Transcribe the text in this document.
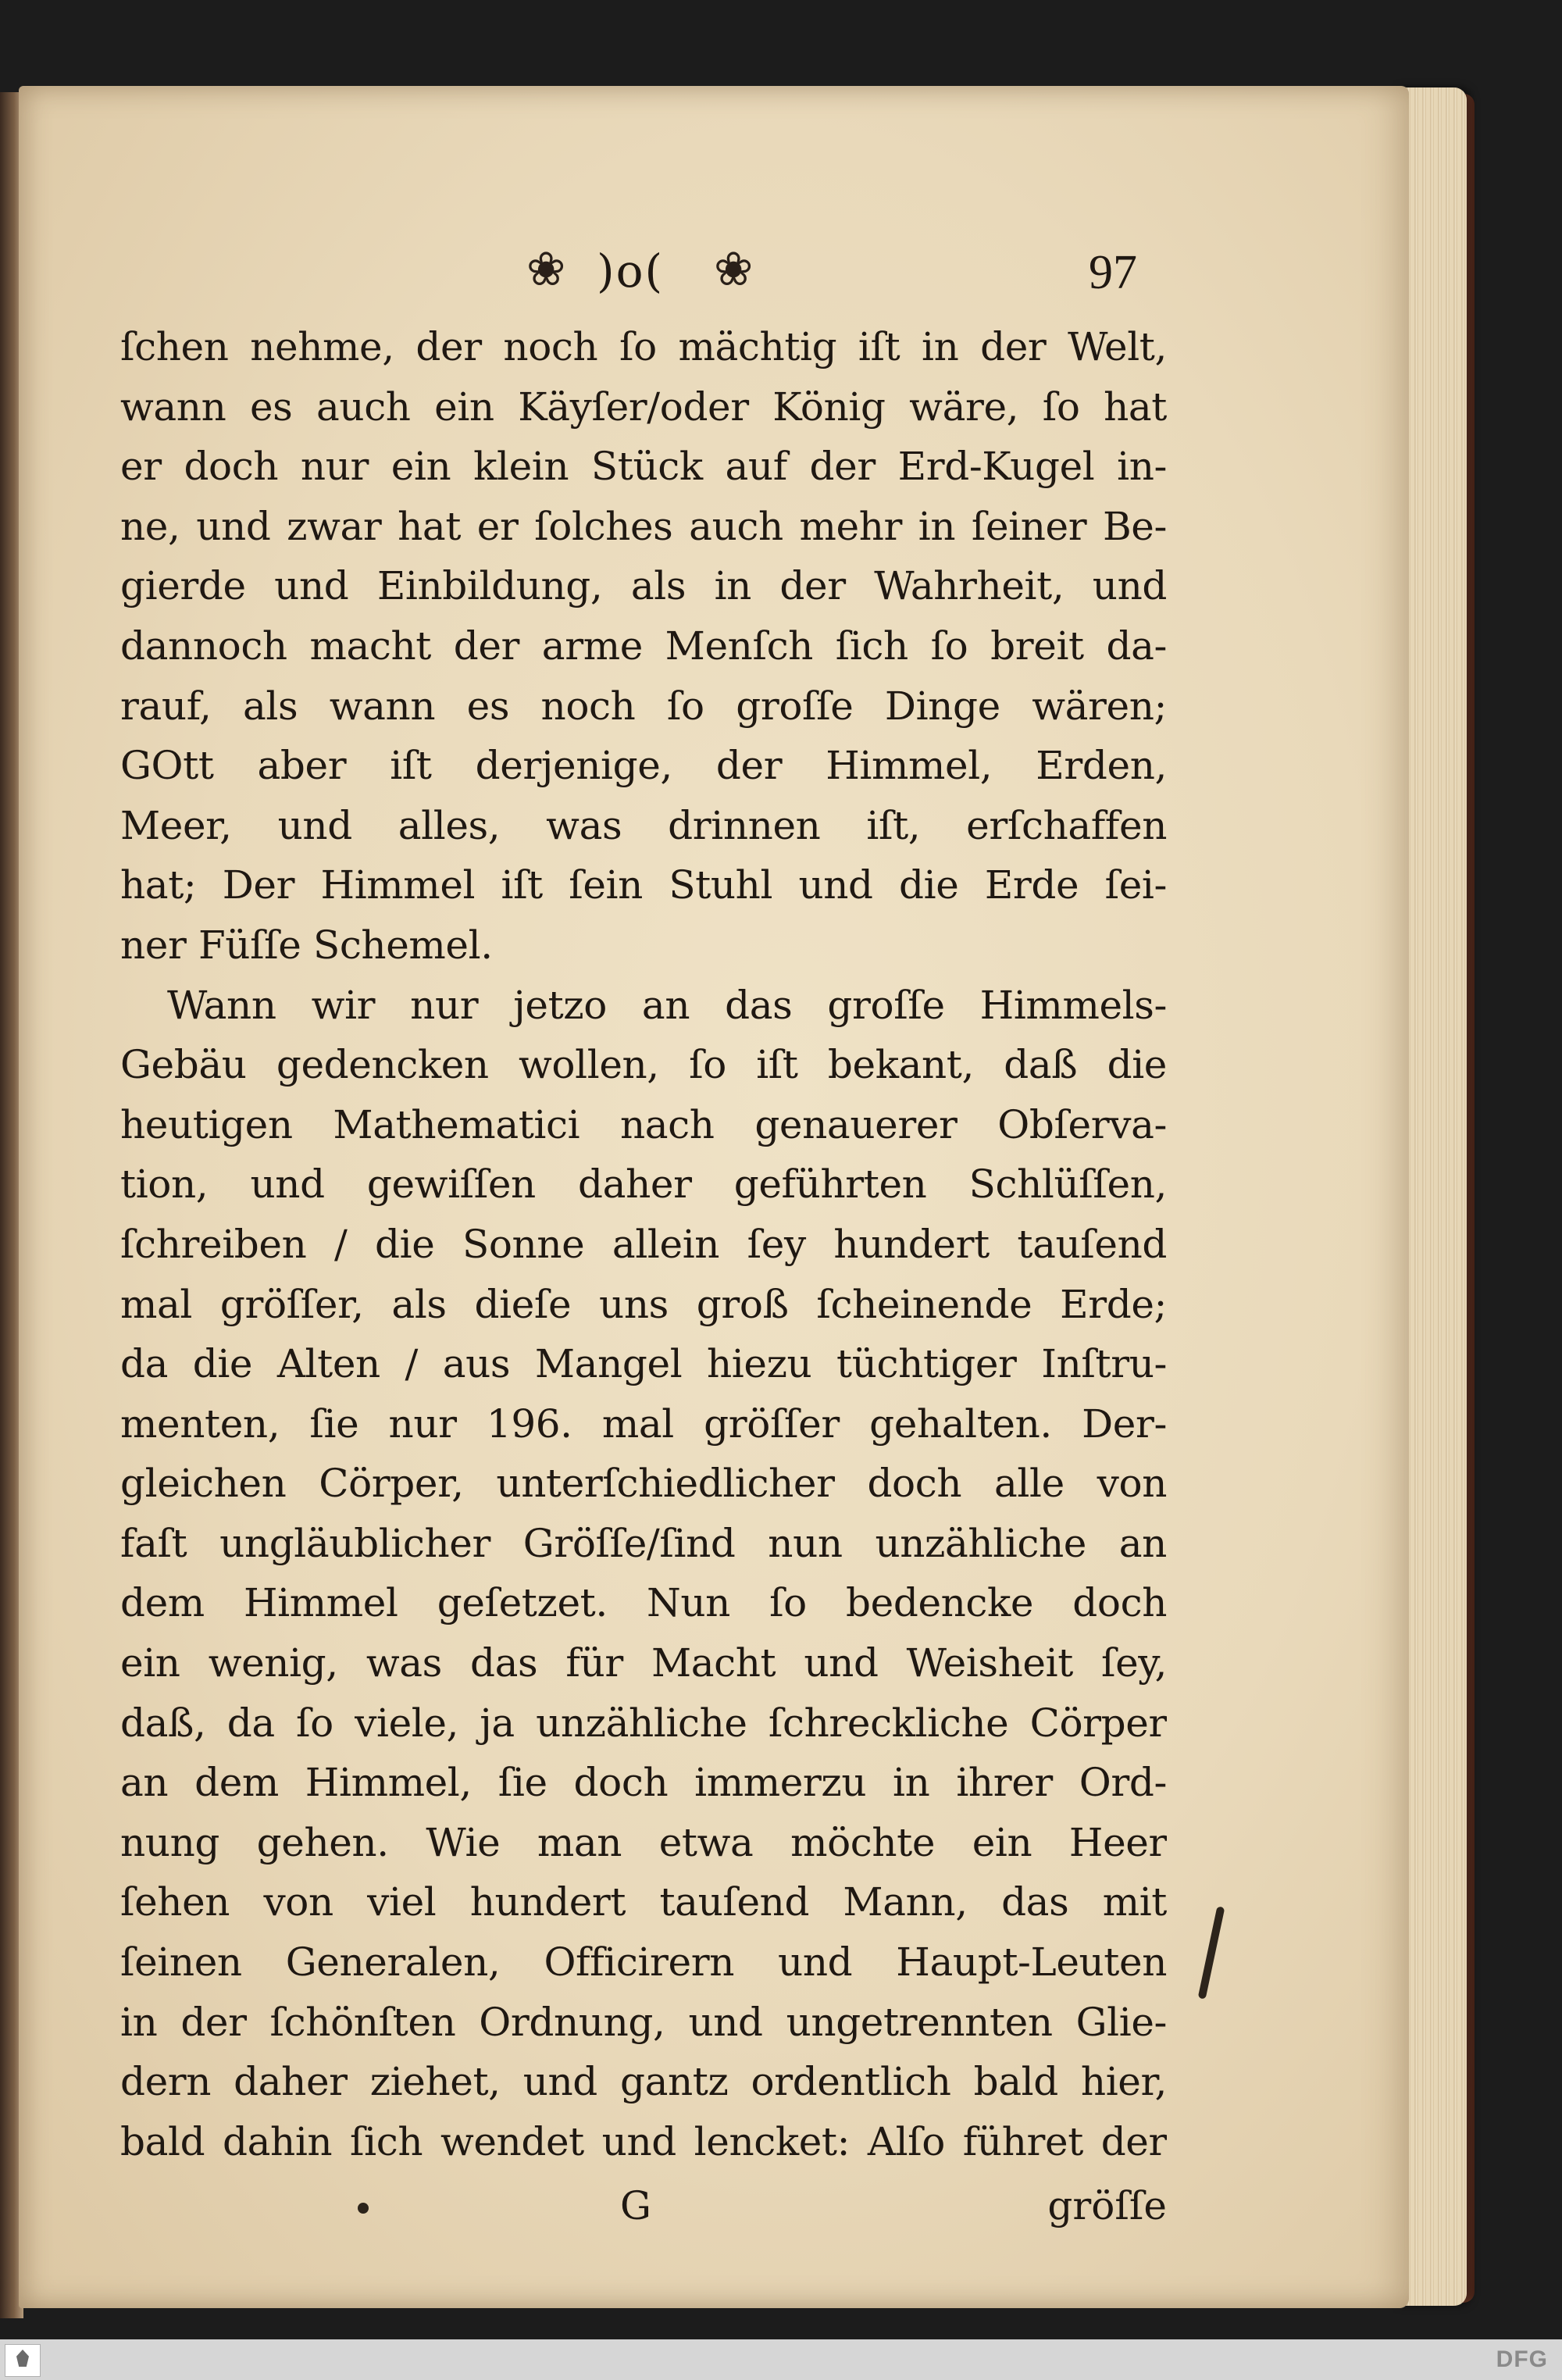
❀ )o( ❀	97
ſchen nehme, der noch ſo mächtig iſt in der Welt,
wann es auch ein Käyſer/oder König wäre, ſo hat
er doch nur ein klein Stück auf der Erd-Kugel in-
ne, und zwar hat er ſolches auch mehr in ſeiner Be-
gierde und Einbildung, als in der Wahrheit, und
dannoch macht der arme Menſch ſich ſo breit da-
rauf, als wann es noch ſo groſſe Dinge wären;
GOtt aber iſt derjenige, der Himmel, Erden,
Meer, und alles, was drinnen iſt, erſchaffen
hat; Der Himmel iſt ſein Stuhl und die Erde ſei-
ner Füſſe Schemel.
Wann wir nur jetzo an das groſſe Himmels-
Gebäu gedencken wollen, ſo iſt bekant, daß die
heutigen Mathematici nach genauerer Obſerva-
tion, und gewiſſen daher geführten Schlüſſen,
ſchreiben / die Sonne allein ſey hundert tauſend
mal gröſſer, als dieſe uns groß ſcheinende Erde;
da die Alten / aus Mangel hiezu tüchtiger Inſtru-
menten, ſie nur 196. mal gröſſer gehalten. Der-
gleichen Cörper, unterſchiedlicher doch alle von
faſt ungläublicher Gröſſe/ſind nun unzähliche an
dem Himmel geſetzet. Nun ſo bedencke doch
ein wenig, was das für Macht und Weisheit ſey,
daß, da ſo viele, ja unzähliche ſchreckliche Cörper
an dem Himmel, ſie doch immerzu in ihrer Ord-
nung gehen. Wie man etwa möchte ein Heer
ſehen von viel hundert tauſend Mann, das mit
ſeinen Generalen, Officirern und Haupt-Leuten
in der ſchönſten Ordnung, und ungetrennten Glie-
dern daher ziehet, und gantz ordentlich bald hier,
bald dahin ſich wendet und lencket: Alſo führet der
G	gröſſe
DFG
